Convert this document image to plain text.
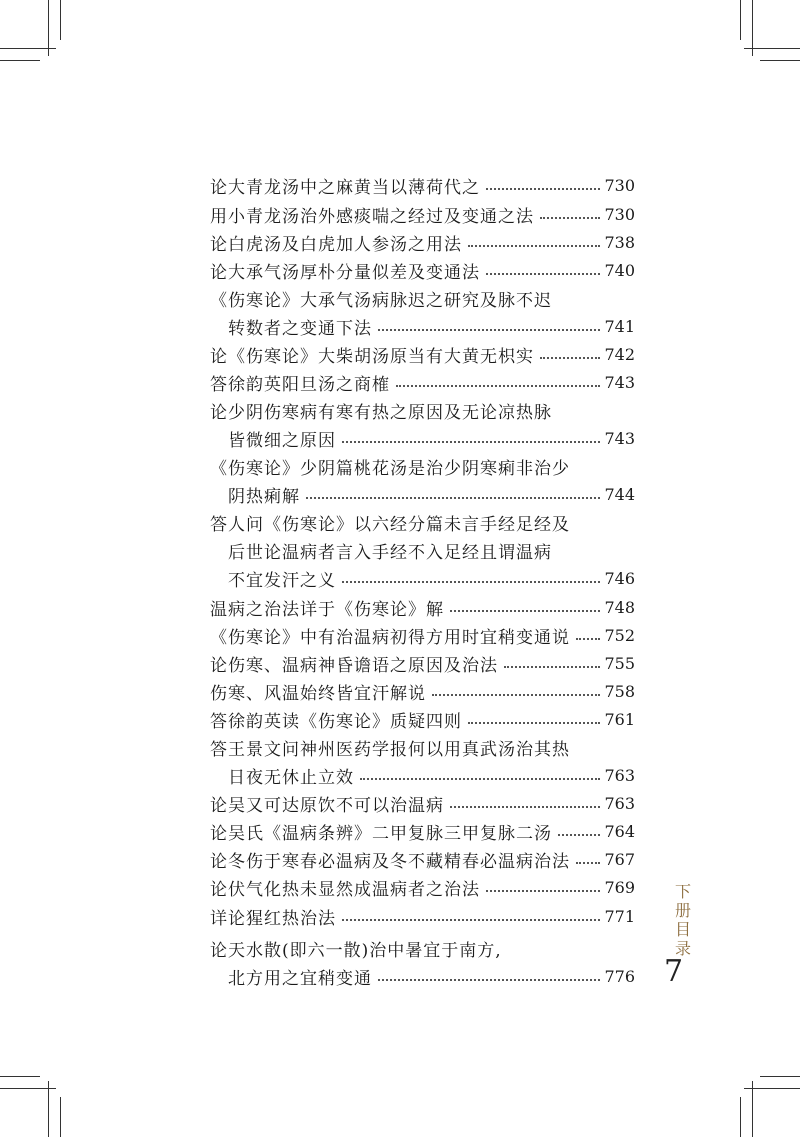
论大青龙汤中之麻黄当以薄荷代之	730
用小青龙汤治外感痰喘之经过及变通之法	730
论白虎汤及白虎加人参汤之用法	738
论大承气汤厚朴分量似差及变通法	740
《伤寒论》大承气汤病脉迟之研究及脉不迟
转数者之变通下法	741
论《伤寒论》大柴胡汤原当有大黄无枳实	742
答徐韵英阳旦汤之商榷	743
论少阴伤寒病有寒有热之原因及无论凉热脉
皆微细之原因	743
《伤寒论》少阴篇桃花汤是治少阴寒痢非治少
阴热痢解	744
答人问《伤寒论》以六经分篇未言手经足经及
后世论温病者言入手经不入足经且谓温病
不宜发汗之义	746
温病之治法详于《伤寒论》解	748
《伤寒论》中有治温病初得方用时宜稍变通说 752
论伤寒、温病神昏谵语之原因及治法	755
伤寒、风温始终皆宜汗解说	758
答徐韵英读《伤寒论》质疑四则	761
答王景文问神州医药学报何以用真武汤治其热
日夜无休止立效	763
论吴又可达原饮不可以治温病	763
论吴氏《温病条辨》二甲复脉三甲复脉二汤	764
论冬伤于寒春必温病及冬不藏精春必温病治法 767
论伏气化热未显然成温病者之治法	769
详论猩红热治法	771
论天水散(即六一散)治中暑宜于南方,
北方用之宜稍变通	776
下册目录
7
